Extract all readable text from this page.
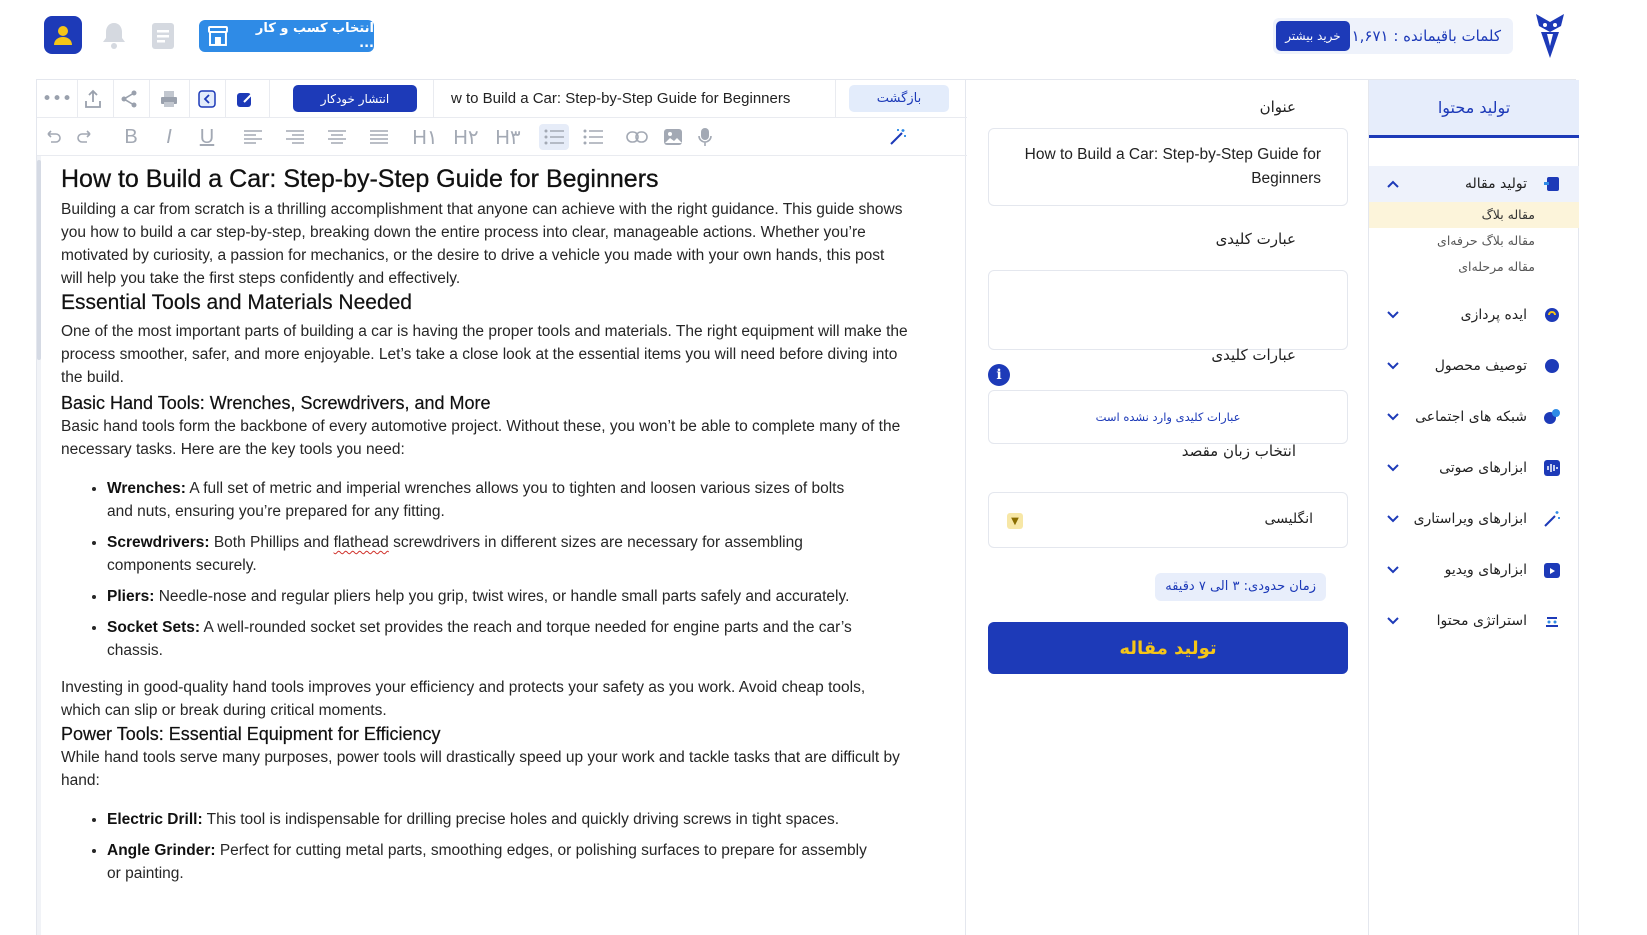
انتخاب کسب و کار ...	خرید بیشتر کلمات باقیمانده : ۱,۶۷۱
•••	انتشار خودکار	w to Build a Car: Step-by-Step Guide for Beginners	بازگشت
B	I	U	H۱ H۲ H۳
How to Build a Car: Step-by-Step Guide for Beginners

Building a car from scratch is a thrilling accomplishment that anyone can achieve with the right guidance. This guide shows you how to build a car step-by-step, breaking down the entire process into clear, manageable actions. Whether you’re motivated by curiosity, a passion for mechanics, or the desire to drive a vehicle you made with your own hands, this post will help you take the first steps confidently and effectively.

Essential Tools and Materials Needed

One of the most important parts of building a car is having the proper tools and materials. The right equipment will make the process smoother, safer, and more enjoyable. Let’s take a close look at the essential items you will need before diving into the build.

Basic Hand Tools: Wrenches, Screwdrivers, and More

Basic hand tools form the backbone of every automotive project. Without these, you won’t be able to complete many of the necessary tasks. Here are the key tools you need:

• Wrenches: A full set of metric and imperial wrenches allows you to tighten and loosen various sizes of bolts and nuts, ensuring you’re prepared for any fitting.
• Screwdrivers: Both Phillips and flathead screwdrivers in different sizes are necessary for assembling components securely.
• Pliers: Needle-nose and regular pliers help you grip, twist wires, or handle small parts safely and accurately.
• Socket Sets: A well-rounded socket set provides the reach and torque needed for engine parts and the car’s chassis.

Investing in good-quality hand tools improves your efficiency and protects your safety as you work. Avoid cheap tools, which can slip or break during critical moments.

Power Tools: Essential Equipment for Efficiency

While hand tools serve many purposes, power tools will drastically speed up your work and tackle tasks that are difficult by hand:

• Electric Drill: This tool is indispensable for drilling precise holes and quickly driving screws in tight spaces.
• Angle Grinder: Perfect for cutting metal parts, smoothing edges, or polishing surfaces to prepare for assembly or painting.
عنوان
How to Build a Car: Step-by-Step Guide for Beginners
عبارت کلیدی
i
عبارات کلیدی
عبارات کلیدی وارد نشده است
انتخاب زبان مقصد
انگلیسی
▼
زمان حدودی: ۳ الی ۷ دقیقه
تولید مقاله
تولید محتوا
تولید مقاله
مقاله بلاگ
مقاله بلاگ حرفه‌ای
مقاله مرحله‌ای
ایده پردازی
توصیف محصول
شبکه های اجتماعی
ابزارهای صوتی
ابزارهای ویراستاری
ابزارهای ویدیو
استراتژی محتوا
